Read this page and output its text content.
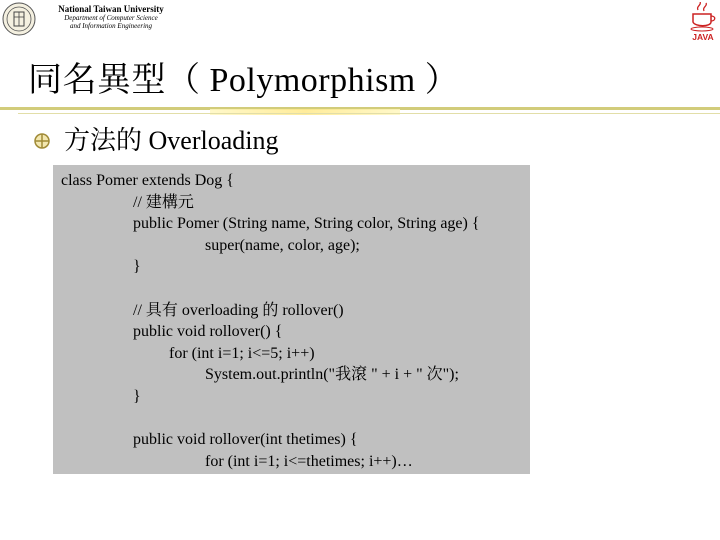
National Taiwan University
Department of Computer Science
and Information Engineering
JAVA
同名異型（ Polymorphism ）
方法的 Overloading
class Pomer extends Dog {
// 建構元
public Pomer (String name, String color, String age) {
super(name, color, age);
}
// 具有 overloading 的 rollover()
public void rollover() {
for (int i=1; i<=5; i++)
System.out.println("我滾 " + i + " 次");
}
public void rollover(int thetimes) {
for (int i=1; i<=thetimes; i++)…
